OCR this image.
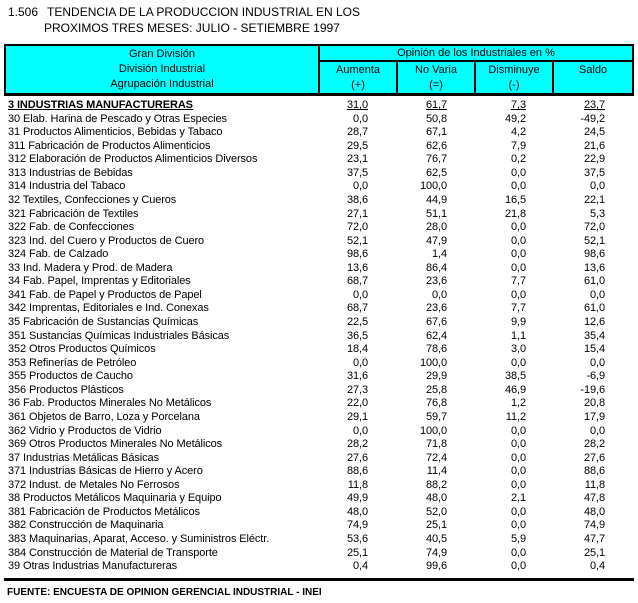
1.506 TENDENCIA DE LA PRODUCCION INDUSTRIAL EN LOS
PROXIMOS TRES MESES: JULIO - SETIEMBRE 1997
Gran División
División Industrial
Agrupación Industrial
Opinión de los Industriales en %
Aumenta
(+)
No Varia
(=)
Disminuye
(-)
Saldo
3 INDUSTRIAS MANUFACTURERAS	31,0	61,7	7,3	23,7
30 Elab. Harina de Pescado y Otras Especies	0,0	50,8	49,2	-49,2
31 Productos Alimenticios, Bebidas y Tabaco	28,7	67,1	4,2	24,5
311 Fabricación de Productos Alimenticios	29,5	62,6	7,9	21,6
312 Elaboración de Productos Alimenticios Diversos	23,1	76,7	0,2	22,9
313 Industrias de Bebidas	37,5	62,5	0,0	37,5
314 Industria del Tabaco	0,0	100,0	0,0	0,0
32 Textiles, Confecciones y Cueros	38,6	44,9	16,5	22,1
321 Fabricación de Textiles	27,1	51,1	21,8	5,3
322 Fab. de Confecciones	72,0	28,0	0,0	72,0
323 Ind. del Cuero y Productos de Cuero	52,1	47,9	0,0	52,1
324 Fab. de Calzado	98,6	1,4	0,0	98,6
33 Ind. Madera y Prod. de Madera	13,6	86,4	0,0	13,6
34 Fab. Papel, Imprentas y Editoriales	68,7	23,6	7,7	61,0
341 Fab. de Papel y Productos de Papel	0,0	0,0	0,0	0,0
342 Imprentas, Editoriales e Ind. Conexas	68,7	23,6	7,7	61,0
35 Fabricación de Sustancias Químicas	22,5	67,6	9,9	12,6
351 Sustancias Químicas Industriales Básicas	36,5	62,4	1,1	35,4
352 Otros Productos Químicos	18,4	78,6	3,0	15,4
353 Refinerías de Petróleo	0,0	100,0	0,0	0,0
355 Productos de Caucho	31,6	29,9	38,5	-6,9
356 Productos Plásticos	27,3	25,8	46,9	-19,6
36 Fab. Productos Minerales No Metálicos	22,0	76,8	1,2	20,8
361 Objetos de Barro, Loza y Porcelana	29,1	59,7	11,2	17,9
362 Vidrio y Productos de Vidrio	0,0	100,0	0,0	0,0
369 Otros Productos Minerales No Metálicos	28,2	71,8	0,0	28,2
37 Industrias Metálicas Básicas	27,6	72,4	0,0	27,6
371 Industrias Básicas de Hierro y Acero	88,6	11,4	0,0	88,6
372 Indust. de Metales No Ferrosos	11,8	88,2	0,0	11,8
38 Productos Metálicos Maquinaria y Equipo	49,9	48,0	2,1	47,8
381 Fabricación de Productos Metálicos	48,0	52,0	0,0	48,0
382 Construcción de Maquinaria	74,9	25,1	0,0	74,9
383 Maquinarias, Aparat, Acceso. y Suministros Eléctr.	53,6	40,5	5,9	47,7
384 Construcción de Material de Transporte	25,1	74,9	0,0	25,1
39 Otras Industrias Manufactureras	0,4	99,6	0,0	0,4
FUENTE: ENCUESTA DE OPINION GERENCIAL INDUSTRIAL - INEI
